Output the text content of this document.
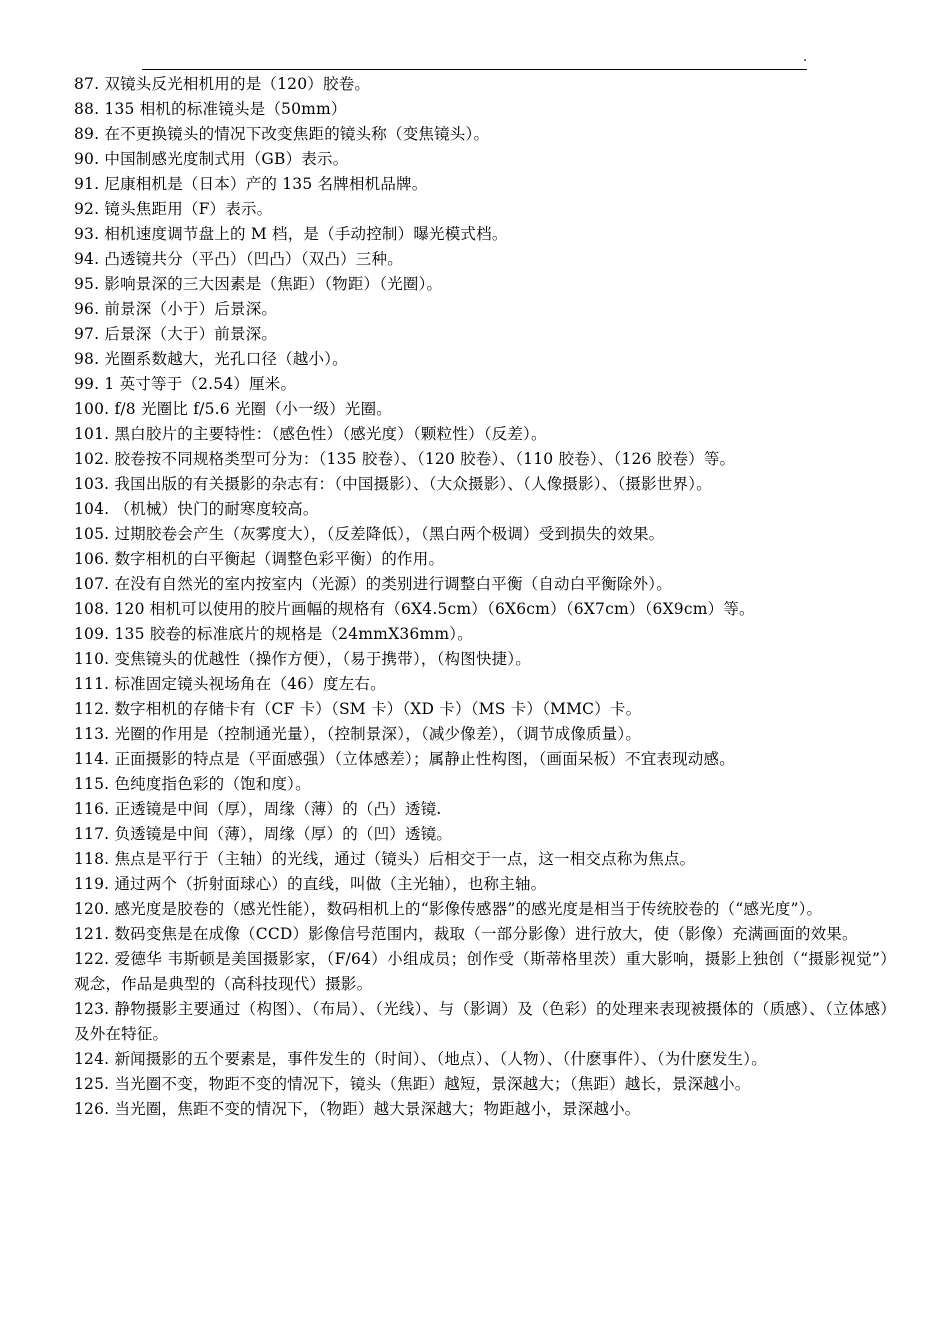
.
87. 双镜头反光相机用的是（120）胶卷。
88. 135 相机的标准镜头是（50mm）
89. 在不更换镜头的情况下改变焦距的镜头称（变焦镜头）。
90. 中国制感光度制式用（GB）表示。
91. 尼康相机是（日本）产的 135 名牌相机品牌。
92. 镜头焦距用（F）表示。
93. 相机速度调节盘上的 M 档，是（手动控制）曝光模式档。
94. 凸透镜共分（平凸）（凹凸）（双凸）三种。
95. 影响景深的三大因素是（焦距）（物距）（光圈）。
96. 前景深（小于）后景深。
97. 后景深（大于）前景深。
98. 光圈系数越大，光孔口径（越小）。
99. 1 英寸等于（2.54）厘米。
100. f/8 光圈比 f/5.6 光圈（小一级）光圈。
101. 黑白胶片的主要特性：（感色性）（感光度）（颗粒性）（反差）。
102. 胶卷按不同规格类型可分为：（135 胶卷）、（120 胶卷）、（110 胶卷）、（126 胶卷）等。
103. 我国出版的有关摄影的杂志有：（中国摄影）、（大众摄影）、（人像摄影）、（摄影世界）。
104. （机械）快门的耐寒度较高。
105. 过期胶卷会产生（灰雾度大），（反差降低），（黑白两个极调）受到损失的效果。
106. 数字相机的白平衡起（调整色彩平衡）的作用。
107. 在没有自然光的室内按室内（光源）的类别进行调整白平衡（自动白平衡除外）。
108. 120 相机可以使用的胶片画幅的规格有（6X4.5cm）（6X6cm）（6X7cm）（6X9cm）等。
109. 135 胶卷的标准底片的规格是（24mmX36mm）。
110. 变焦镜头的优越性（操作方便），（易于携带），（构图快捷）。
111. 标准固定镜头视场角在（46）度左右。
112. 数字相机的存储卡有（CF 卡）（SM 卡）（XD 卡）（MS 卡）（MMC）卡。
113. 光圈的作用是（控制通光量），（控制景深），（减少像差），（调节成像质量）。
114. 正面摄影的特点是（平面感强）（立体感差）；属静止性构图，（画面呆板）不宜表现动感。
115. 色纯度指色彩的（饱和度）。
116. 正透镜是中间（厚），周缘（薄）的（凸）透镜.
117. 负透镜是中间（薄），周缘（厚）的（凹）透镜。
118. 焦点是平行于（主轴）的光线，通过（镜头）后相交于一点，这一相交点称为焦点。
119. 通过两个（折射面球心）的直线，叫做（主光轴），也称主轴。
120. 感光度是胶卷的（感光性能），数码相机上的“影像传感器”的感光度是相当于传统胶卷的（“感光度”）。
121. 数码变焦是在成像（CCD）影像信号范围内，裁取（一部分影像）进行放大，使（影像）充满画面的效果。
122. 爱德华 韦斯顿是美国摄影家，（F/64）小组成员；创作受（斯蒂格里茨）重大影响，摄影上独创（“摄影视觉”）观念，作品是典型的（高科技现代）摄影。
123. 静物摄影主要通过（构图）、（布局）、（光线）、与（影调）及（色彩）的处理来表现被摄体的（质感）、（立体感）及外在特征。
124. 新闻摄影的五个要素是，事件发生的（时间）、（地点）、（人物）、（什麽事件）、（为什麽发生）。
125. 当光圈不变，物距不变的情况下，镜头（焦距）越短，景深越大；（焦距）越长，景深越小。
126. 当光圈，焦距不变的情况下，（物距）越大景深越大；物距越小，景深越小。
